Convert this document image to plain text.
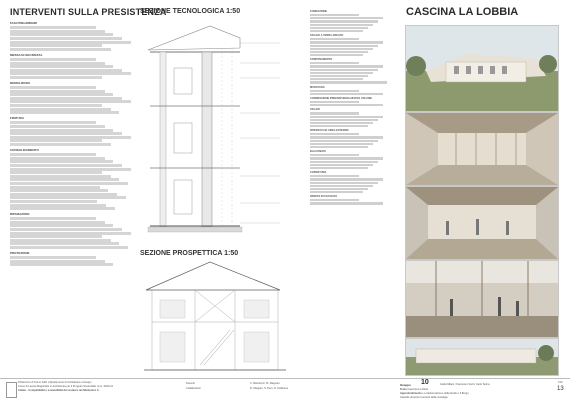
INTERVENTI SULLA PRESISTENZA
FASI PRELIMINARI
MESSA IN SICUREZZA
DEMOLIZIONI
FINITURA
CONSOLIDAMENTO
RIPARAZIONI
PROTEZIONE
SEZIONE TECNOLOGICA 1:50
SEZIONE PROSPETTICA 1:50
FONDAZIONE
SOLAIO A TERRA AREATO
TAMPONAMENTO
MURATURA
CONNESSIONE PREESISTENZA-NUOVO VOLUME
SOLAIO
INTERFACCIA VERA-ESTERNO
BALCONATA
COPERTURA
PARETE DI FACCIATA
CASCINA LA LOBBIA
Politecnico di Torino SAD | Dipartimento di Architettura e Design
Corso di Laurea Magistrale in Architettura per il Progetto Sostenibile | A.A. 2020-21
Atelier - Compatibilità e sostenibilità del restauro architettonico A
Docenti
Collaboratori
C. Bartolozzi, M. Magnani
R. Margani, S. Pero, D. Dabbene
Gruppo 10	Giulia Milani, Francesco Sordi, Carlo Spina
Tema Cascina la Lobbia
Approfondimento La trasformazione della fienile e il Borgo
Castello durante il periodo della nostalgia
TAV.
13
